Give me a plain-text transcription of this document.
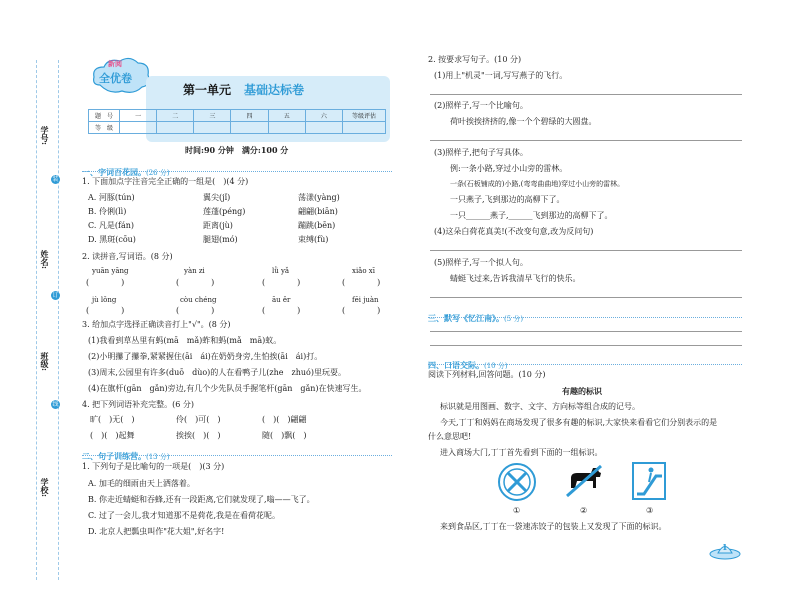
学号:
姓名:
班级:
学校:
装
订
线
新阅
全优卷
第一单元 基础达标卷
题　号	一	二	三	四	五	六	等级评估
等　级							
时间:90 分钟　满分:100 分
一、字词百花园。(26 分)
1. 下面加点字注音完全正确的一组是(　)(4 分)
A. 河豚(tún)	翼尖(jǐ)	荡漾(yàng)
B. 伶俐(lì)	莲蓬(péng)	翩翩(biān)
C. 凡是(fán)	距离(jù)	蹦跳(bēn)
D. 黑斑(cōu)	腿翅(mó)	束缚(fù)
2. 读拼音,写词语。(8 分)
yuān yāng	yàn zi	lǜ yǎ	xiǎo xī
(　　　　)	(　　　　)	(　　　　)	(　　　　)
jù lǒng	còu chéng	āu ěr	fēi juàn
(　　　　)	(　　　　)	(　　　　)	(　　　　)
3. 给加点字选择正确读音打上"√"。(8 分)
(1)我看到草丛里有蚂(mā　mǎ)蚱和蚂(mǎ　mā)蚁。
(2)小明攥了攥拳,紧紧握住(āi　ái)在奶奶身旁,生怕挨(āi　ái)打。
(3)周末,公园里有许多(duō　dùo)的人在看鸭子儿(zhe　zhuó)里玩耍。
(4)在旗杆(gān　gǎn)旁边,有几个少先队员手握笔杆(gān　gǎn)在快速写生。
4. 把下列词语补充完整。(6 分)
旷(　)无(　)	伶(　)可(　)	(　)(　)翩翩
(　)(　)起舞	挨挨(　)(　)	随(　)飘(　)
二、句子训练营。(13 分)
1. 下列句子是比喻句的一项是(　)(3 分)
A. 加毛的细雨由天上洒落着。
B. 你走近蜻蜓和吞蜂,还有一段距离,它们就发现了,嗡——飞了。
C. 过了一会儿,我才知道那不是荷花,我是在看荷花呢。
D. 北京人把瓢虫叫作"花大姐",好名字!
2. 按要求写句子。(10 分)
(1)用上"机灵"一词,写写燕子的飞行。
(2)照样子,写一个比喻句。
荷叶挨挨挤挤的,像一个个碧绿的大圆盘。
(3)照样子,把句子写具体。
例:一条小路,穿过小山旁的雷林。
一条(石板铺成的)小路,(弯弯曲曲地)穿过小山旁的雷林。
一只燕子,飞到那边的高柳下了。
一只______燕子,______飞到那边的高柳下了。
(4)这朵白荷花真美!(不改变句意,改为反问句)
(5)照样子,写一个拟人句。
蜻蜓飞过来,告诉我清早飞行的快乐。
三、默写《忆江南》。(5 分)
四、口语交际。(10 分)
阅读下列材料,回答问题。(10 分)
有趣的标识
标识就是用图画、数字、文字、方向标等组合成的记号。
今天,丁丁和妈妈在商场发现了很多有趣的标识,大家快来看看它们分别表示的是
什么意思吧!
进入商场大门,丁丁首先看到下面的一组标识。
①	②	③
来到食品区,丁丁在一袋速冻饺子的包装上又发现了下面的标识。
1
